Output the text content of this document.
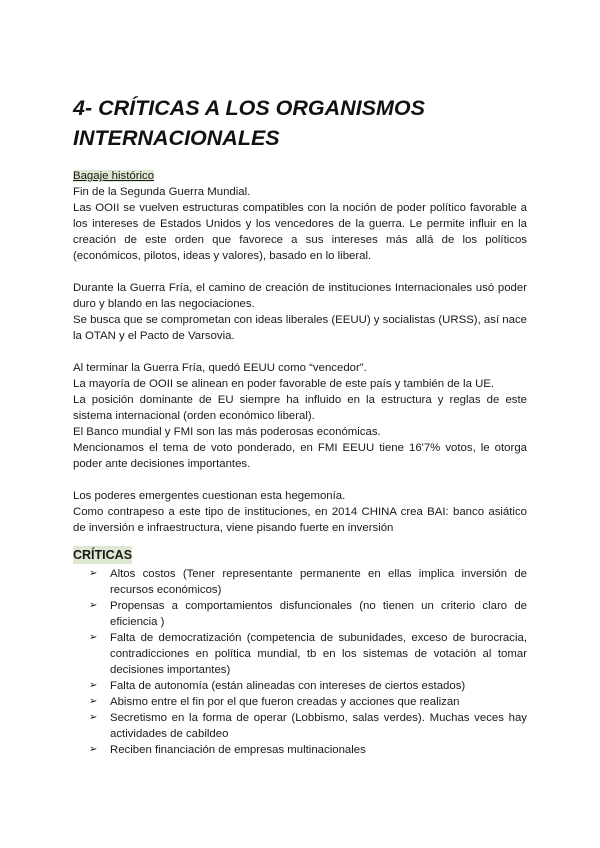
4- CRÍTICAS A LOS ORGANISMOS INTERNACIONALES

Bagaje histórico

Fin de la Segunda Guerra Mundial.

Las OOII se vuelven estructuras compatibles con la noción de poder político favorable a los intereses de Estados Unidos y los vencedores de la guerra. Le permite influir en la creación de este orden que favorece a sus intereses más allá de los políticos (económicos, pilotos, ideas y valores), basado en lo liberal.

Durante la Guerra Fría, el camino de creación de instituciones Internacionales usó poder duro y blando en las negociaciones.

Se busca que se comprometan con ideas liberales (EEUU) y socialistas (URSS), así nace la OTAN y el Pacto de Varsovia.

Al terminar la Guerra Fría, quedó EEUU como “vencedor”.

La mayoría de OOII se alinean en poder favorable de este país y también de la UE.

La posición dominante de EU siempre ha influido en la estructura y reglas de este sistema internacional (orden económico liberal).

El Banco mundial y FMI son las más poderosas económicas.

Mencionamos el tema de voto ponderado, en FMI EEUU tiene 16'7% votos, le otorga poder ante decisiones importantes.

Los poderes emergentes cuestionan esta hegemonía.

Como contrapeso a este tipo de instituciones, en 2014 CHINA crea BAI: banco asiático de inversión e infraestructura, viene pisando fuerte en inversión

CRÍTICAS
➢ Altos costos (Tener representante permanente en ellas implica inversión de recursos económicos)
➢ Propensas a comportamientos disfuncionales (no tienen un criterio claro de eficiencia )
➢ Falta de democratización (competencia de subunidades, exceso de burocracia, contradicciones en política mundial, tb en los sistemas de votación al tomar decisiones importantes)
➢ Falta de autonomía (están alineadas con intereses de ciertos estados)
➢ Abismo entre el fin por el que fueron creadas y acciones que realizan
➢ Secretismo en la forma de operar (Lobbismo, salas verdes). Muchas veces hay actividades de cabildeo
➢ Reciben financiación de empresas multinacionales
